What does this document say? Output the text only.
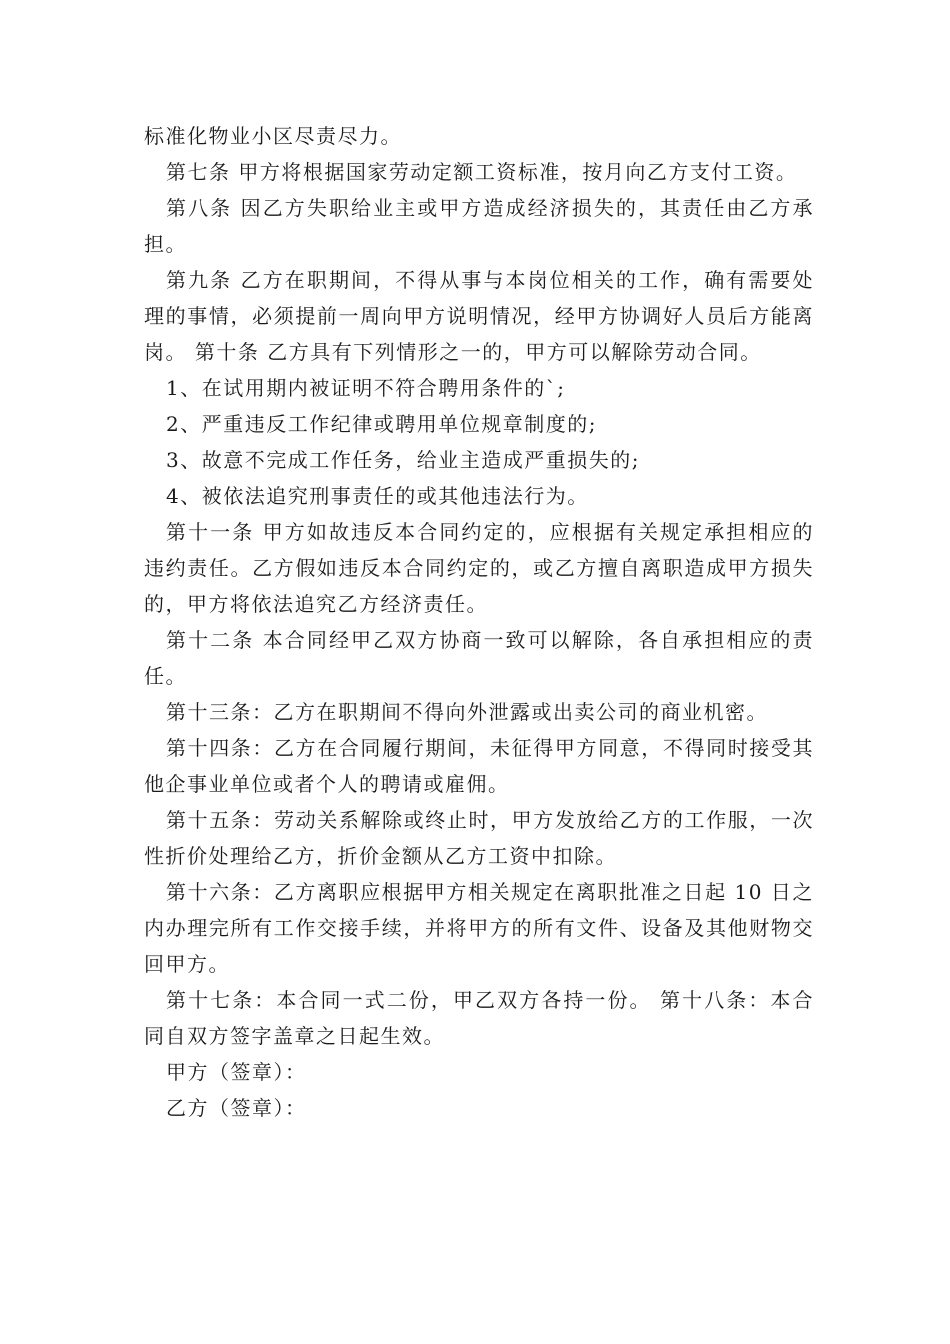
标准化物业小区尽责尽力。

第七条 甲方将根据国家劳动定额工资标准，按月向乙方支付工资。

第八条 因乙方失职给业主或甲方造成经济损失的，其责任由乙方承担。

第九条 乙方在职期间，不得从事与本岗位相关的工作，确有需要处理的事情，必须提前一周向甲方说明情况，经甲方协调好人员后方能离岗。 第十条 乙方具有下列情形之一的，甲方可以解除劳动合同。

1、在试用期内被证明不符合聘用条件的`;

2、严重违反工作纪律或聘用单位规章制度的;

3、故意不完成工作任务，给业主造成严重损失的;

4、被依法追究刑事责任的或其他违法行为。

第十一条 甲方如故违反本合同约定的，应根据有关规定承担相应的违约责任。乙方假如违反本合同约定的，或乙方擅自离职造成甲方损失的，甲方将依法追究乙方经济责任。

第十二条 本合同经甲乙双方协商一致可以解除，各自承担相应的责任。

第十三条：乙方在职期间不得向外泄露或出卖公司的商业机密。

第十四条：乙方在合同履行期间，未征得甲方同意，不得同时接受其他企事业单位或者个人的聘请或雇佣。

第十五条：劳动关系解除或终止时，甲方发放给乙方的工作服，一次性折价处理给乙方，折价金额从乙方工资中扣除。

第十六条：乙方离职应根据甲方相关规定在离职批准之日起 10 日之内办理完所有工作交接手续，并将甲方的所有文件、设备及其他财物交回甲方。

第十七条：本合同一式二份，甲乙双方各持一份。 第十八条：本合同自双方签字盖章之日起生效。

甲方（签章）：

乙方（签章）：
